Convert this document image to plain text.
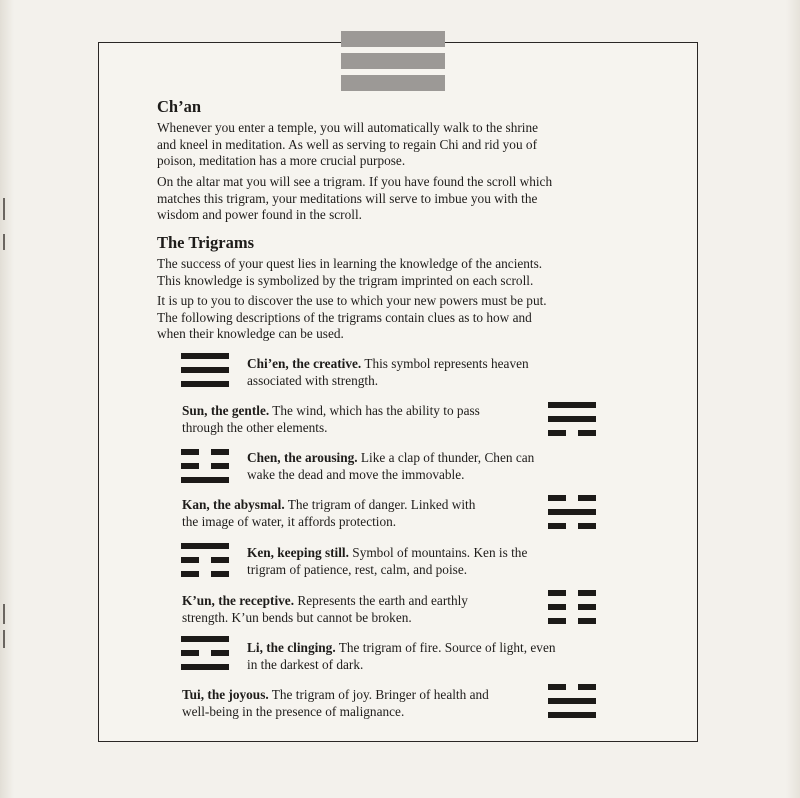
Ch’an

Whenever you enter a temple, you will automatically walk to the shrine
and kneel in meditation. As well as serving to regain Chi and rid you of
poison, meditation has a more crucial purpose.

On the altar mat you will see a trigram. If you have found the scroll which
matches this trigram, your meditations will serve to imbue you with the
wisdom and power found in the scroll.

The Trigrams

The success of your quest lies in learning the knowledge of the ancients.
This knowledge is symbolized by the trigram imprinted on each scroll.

It is up to you to discover the use to which your new powers must be put.
The following descriptions of the trigrams contain clues as to how and
when their knowledge can be used.

Chi’en, the creative. This symbol represents heaven
associated with strength.

Sun, the gentle. The wind, which has the ability to pass
through the other elements.

Chen, the arousing. Like a clap of thunder, Chen can
wake the dead and move the immovable.

Kan, the abysmal. The trigram of danger. Linked with
the image of water, it affords protection.

Ken, keeping still. Symbol of mountains. Ken is the
trigram of patience, rest, calm, and poise.

K’un, the receptive. Represents the earth and earthly
strength. K’un bends but cannot be broken.

Li, the clinging. The trigram of fire. Source of light, even
in the darkest of dark.

Tui, the joyous. The trigram of joy. Bringer of health and
well-being in the presence of malignance.
